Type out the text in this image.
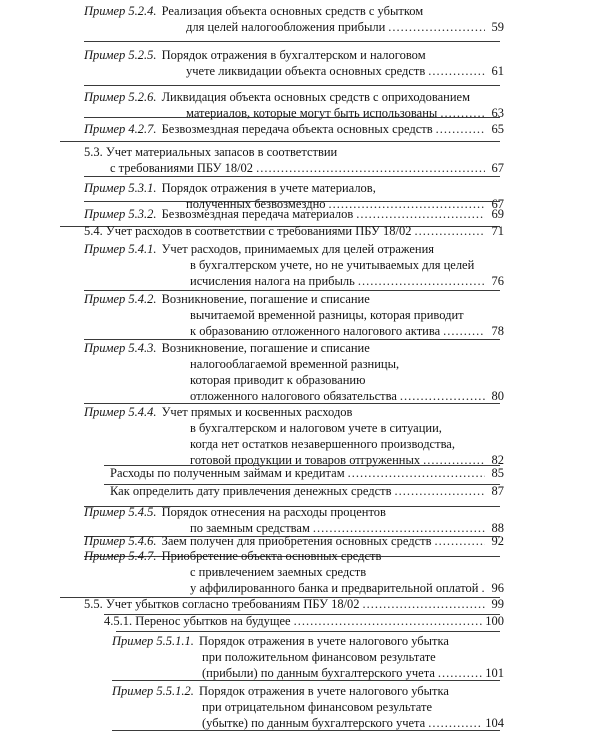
Пример 5.2.4. Реализация объекта основных средств с убытком
для целей налогообложения прибыли .....	59
Пример 5.2.5. Порядок отражения в бухгалтерском и налоговом
учете ликвидации объекта основных средств .....	61
Пример 5.2.6. Ликвидация объекта основных средств с оприходованием
материалов, которые могут быть использованы .....	63
Пример 4.2.7. Безвозмездная передача объекта основных средств .....	65
5.3. Учет материальных запасов в соответствии
с требованиями ПБУ 18/02 .....	67
Пример 5.3.1. Порядок отражения в учете материалов,
полученных безвозмездно .....	67
Пример 5.3.2. Безвозмездная передача материалов .....	69
5.4. Учет расходов в соответствии с требованиями ПБУ 18/02 .....	71
Пример 5.4.1. Учет расходов, принимаемых для целей отражения
в бухгалтерском учете, но не учитываемых для целей
исчисления налога на прибыль .....	76
Пример 5.4.2. Возникновение, погашение и списание
вычитаемой временной разницы, которая приводит
к образованию отложенного налогового актива .....	78
Пример 5.4.3. Возникновение, погашение и списание
налогооблагаемой временной разницы,
которая приводит к образованию
отложенного налогового обязательства .....	80
Пример 5.4.4. Учет прямых и косвенных расходов
в бухгалтерском и налоговом учете в ситуации,
когда нет остатков незавершенного производства,
готовой продукции и товаров отгруженных .....	82
Расходы по полученным займам и кредитам .....	85
Как определить дату привлечения денежных средств .....	87
Пример 5.4.5. Порядок отнесения на расходы процентов
по заемным средствам .....	88
Пример 5.4.6. Заем получен для приобретения основных средств .....	92
Пример 5.4.7. Приобретение объекта основных средств
с привлечением заемных средств
у аффилированного банка и предварительной оплатой ..... 96
5.5. Учет убытков согласно требованиям ПБУ 18/02 .....	99
4.5.1. Перенос убытков на будущее .....	100
Пример 5.5.1.1. Порядок отражения в учете налогового убытка
при положительном финансовом результате
(прибыли) по данным бухгалтерского учета .....	101
Пример 5.5.1.2. Порядок отражения в учете налогового убытка
при отрицательном финансовом результате
(убытке) по данным бухгалтерского учета .....	104
